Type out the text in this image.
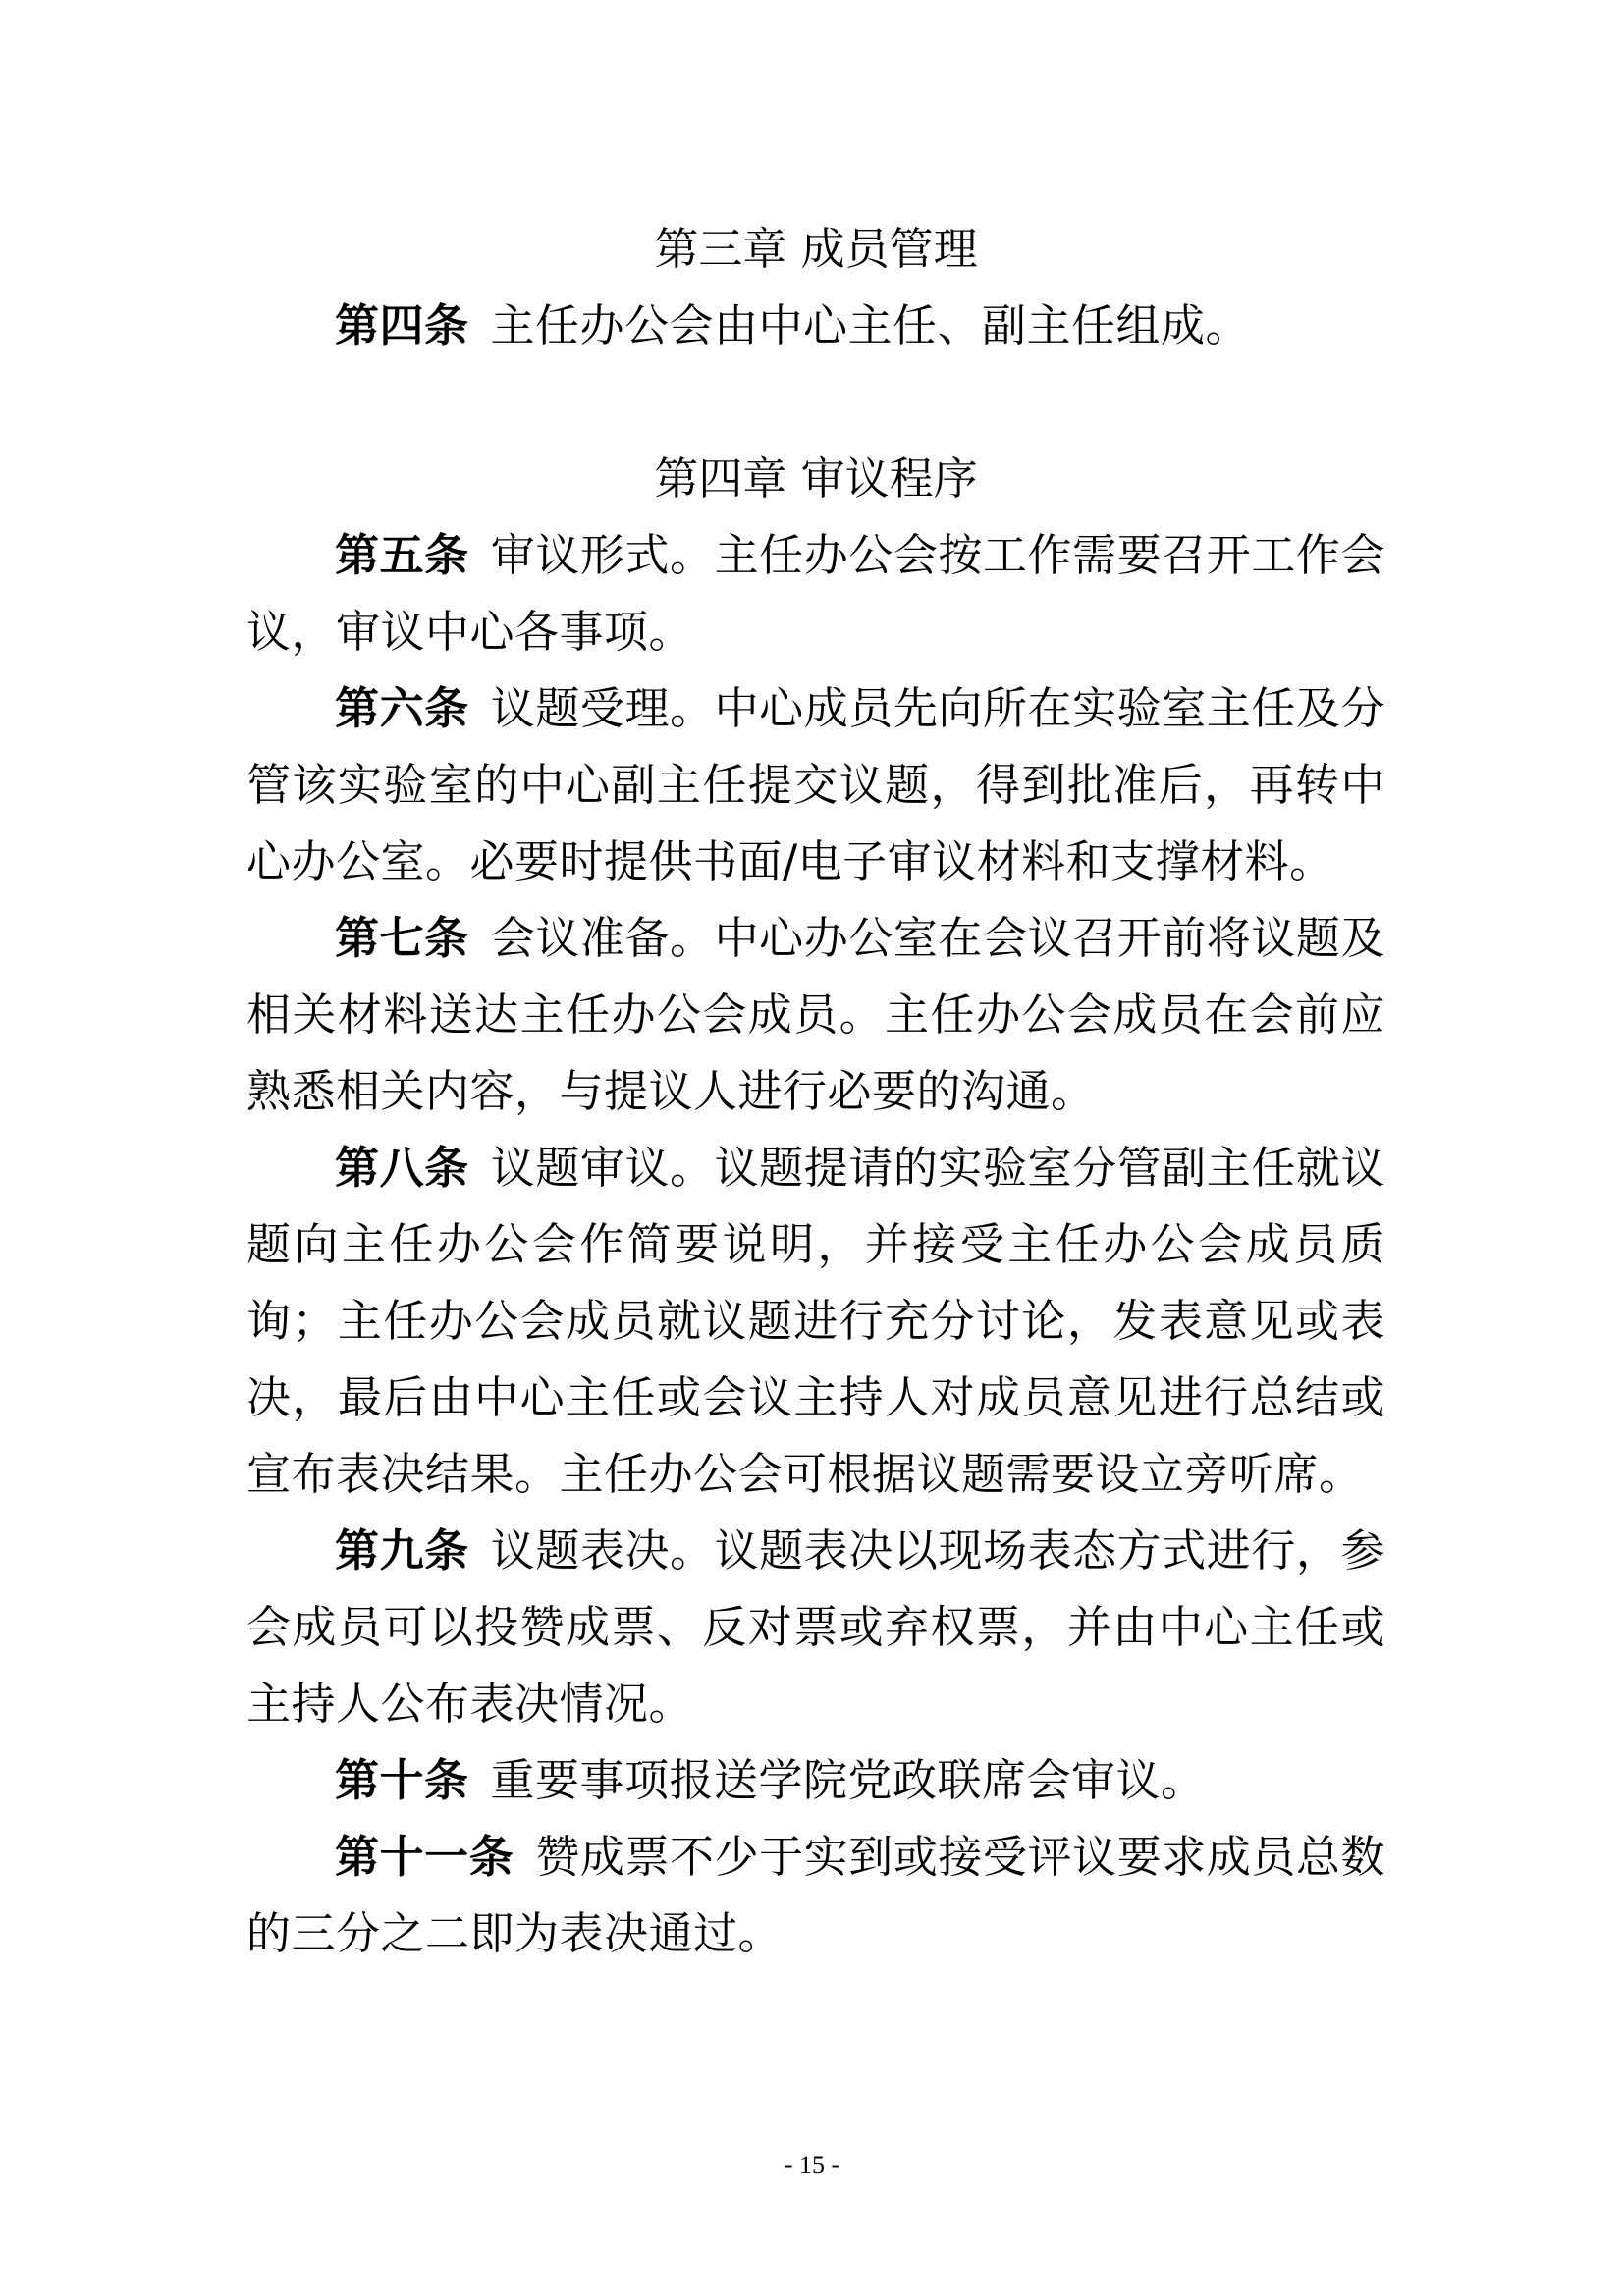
第三章 成员管理

第四条 主任办公会由中心主任、副主任组成。

第四章 审议程序

第五条 审议形式。主任办公会按工作需要召开工作会议，审议中心各事项。

第六条 议题受理。中心成员先向所在实验室主任及分管该实验室的中心副主任提交议题，得到批准后，再转中心办公室。必要时提供书面/电子审议材料和支撑材料。

第七条 会议准备。中心办公室在会议召开前将议题及相关材料送达主任办公会成员。主任办公会成员在会前应熟悉相关内容，与提议人进行必要的沟通。

第八条 议题审议。议题提请的实验室分管副主任就议题向主任办公会作简要说明，并接受主任办公会成员质询；主任办公会成员就议题进行充分讨论，发表意见或表决，最后由中心主任或会议主持人对成员意见进行总结或宣布表决结果。主任办公会可根据议题需要设立旁听席。

第九条 议题表决。议题表决以现场表态方式进行，参会成员可以投赞成票、反对票或弃权票，并由中心主任或主持人公布表决情况。

第十条 重要事项报送学院党政联席会审议。

第十一条 赞成票不少于实到或接受评议要求成员总数的三分之二即为表决通过。

- 15 -
